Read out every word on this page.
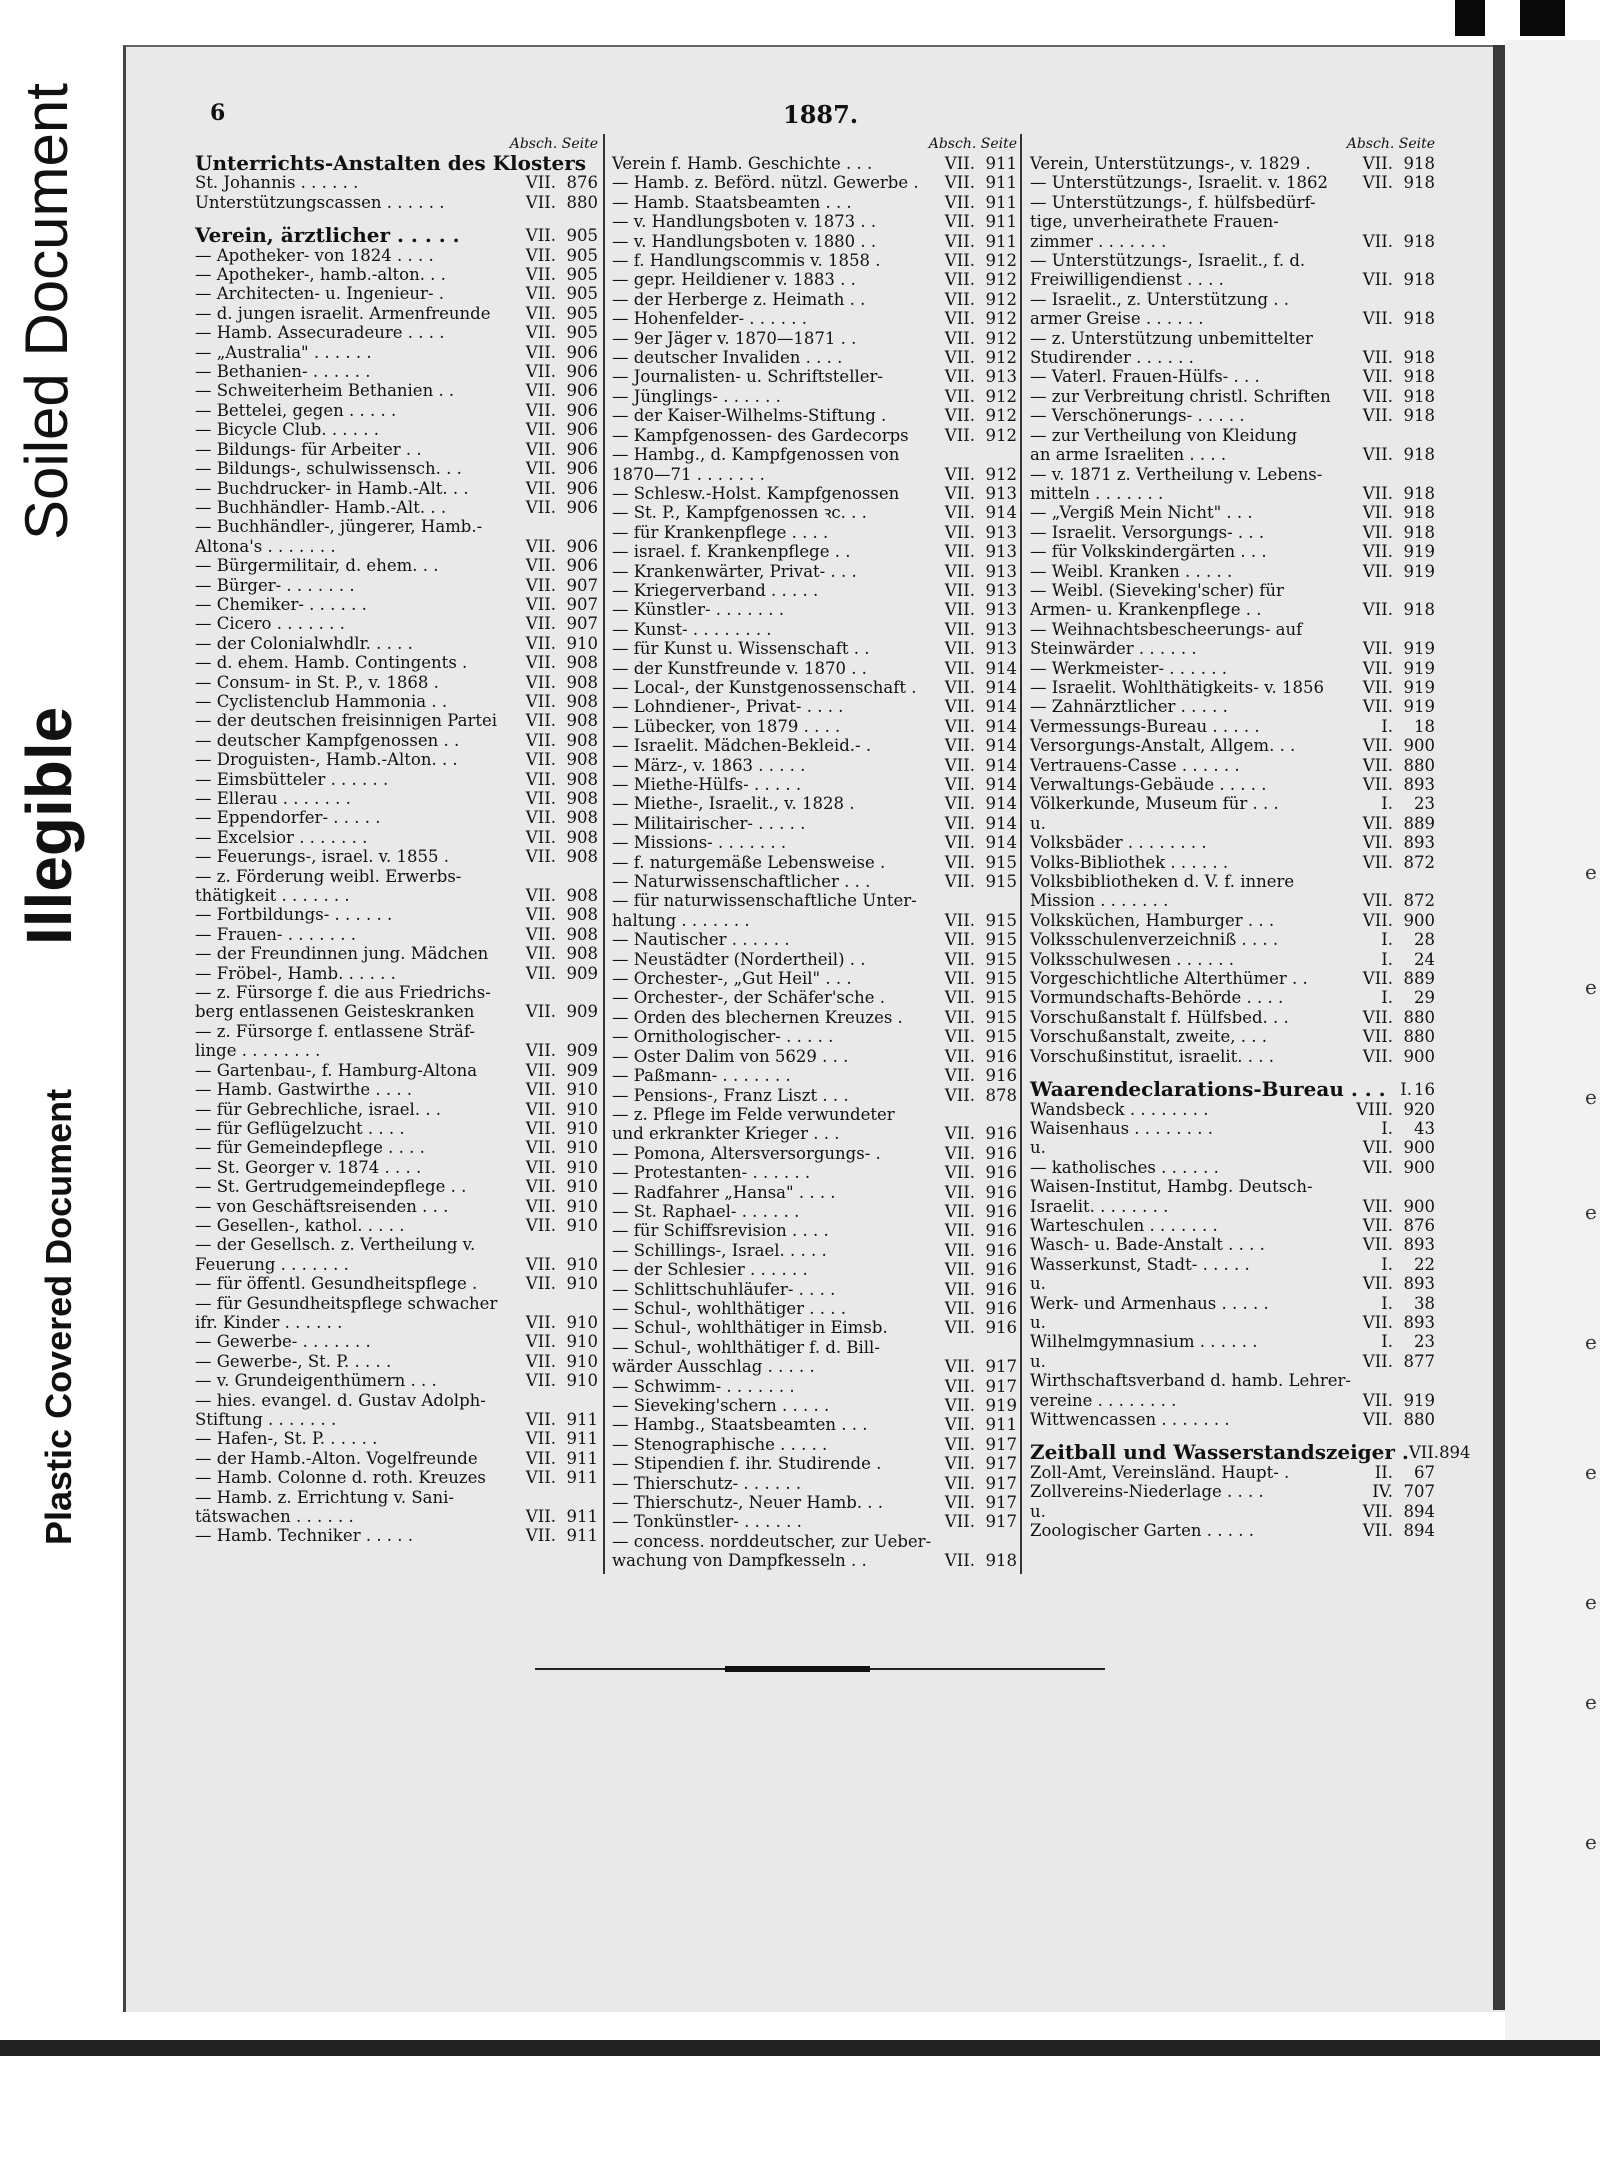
e
e
e
e
e
e
e
e
e
Soiled Document
Illegible
Plastic Covered Document
6	1887.
Absch. Seite
Unterrichts-Anstalten des Klosters
St. Johannis . . . . . .	VII. 876
Unterstützungscassen . . . . . .	VII. 880
Verein, ärztlicher . . . . .	VII. 905
— Apotheker- von 1824 . . . .	VII. 905
— Apotheker-, hamb.-alton. . .	VII. 905
— Architecten- u. Ingenieur- .	VII. 905
— d. jungen israelit. Armenfreunde	VII. 905
— Hamb. Assecuradeure . . . .	VII. 905
— „Australia" . . . . . .	VII. 906
— Bethanien- . . . . . .	VII. 906
— Schweiterheim Bethanien . .	VII. 906
— Bettelei, gegen . . . . .	VII. 906
— Bicycle Club. . . . . .	VII. 906
— Bildungs- für Arbeiter . .	VII. 906
— Bildungs-, schulwissensch. . .	VII. 906
— Buchdrucker- in Hamb.-Alt. . .	VII. 906
— Buchhändler- Hamb.-Alt. . .	VII. 906
— Buchhändler-, jüngerer, Hamb.-
Altona's . . . . . . .	VII. 906
— Bürgermilitair, d. ehem. . .	VII. 906
— Bürger- . . . . . . .	VII. 907
— Chemiker- . . . . . .	VII. 907
— Cicero . . . . . . .	VII. 907
— der Colonialwhdlr. . . . .	VII. 910
— d. ehem. Hamb. Contingents .	VII. 908
— Consum- in St. P., v. 1868 .	VII. 908
— Cyclistenclub Hammonia . .	VII. 908
— der deutschen freisinnigen Partei	VII. 908
— deutscher Kampfgenossen . .	VII. 908
— Droguisten-, Hamb.-Alton. . .	VII. 908
— Eimsbütteler . . . . . .	VII. 908
— Ellerau . . . . . . .	VII. 908
— Eppendorfer- . . . . .	VII. 908
— Excelsior . . . . . . .	VII. 908
— Feuerungs-, israel. v. 1855 .	VII. 908
— z. Förderung weibl. Erwerbs-
thätigkeit . . . . . . .	VII. 908
— Fortbildungs- . . . . . .	VII. 908
— Frauen- . . . . . . .	VII. 908
— der Freundinnen jung. Mädchen	VII. 908
— Fröbel-, Hamb. . . . . .	VII. 909
— z. Fürsorge f. die aus Friedrichs-
berg entlassenen Geisteskranken	VII. 909
— z. Fürsorge f. entlassene Sträf-
linge . . . . . . . .	VII. 909
— Gartenbau-, f. Hamburg-Altona	VII. 909
— Hamb. Gastwirthe . . . .	VII. 910
— für Gebrechliche, israel. . .	VII. 910
— für Geflügelzucht . . . .	VII. 910
— für Gemeindepflege . . . .	VII. 910
— St. Georger v. 1874 . . . .	VII. 910
— St. Gertrudgemeindepflege . .	VII. 910
— von Geschäftsreisenden . . .	VII. 910
— Gesellen-, kathol. . . . .	VII. 910
— der Gesellsch. z. Vertheilung v.
Feuerung . . . . . . .	VII. 910
— für öffentl. Gesundheitspflege .	VII. 910
— für Gesundheitspflege schwacher
ifr. Kinder . . . . . .	VII. 910
— Gewerbe- . . . . . . .	VII. 910
— Gewerbe-, St. P. . . . .	VII. 910
— v. Grundeigenthümern . . .	VII. 910
— hies. evangel. d. Gustav Adolph-
Stiftung . . . . . . .	VII. 911
— Hafen-, St. P. . . . . .	VII. 911
— der Hamb.-Alton. Vogelfreunde	VII. 911
— Hamb. Colonne d. roth. Kreuzes	VII. 911
— Hamb. z. Errichtung v. Sani-
tätswachen . . . . . .	VII. 911
— Hamb. Techniker . . . . .	VII. 911
Absch. Seite
Verein f. Hamb. Geschichte . . .	VII. 911
— Hamb. z. Beförd. nützl. Gewerbe .	VII. 911
— Hamb. Staatsbeamten . . .	VII. 911
— v. Handlungsboten v. 1873 . .	VII. 911
— v. Handlungsboten v. 1880 . .	VII. 911
— f. Handlungscommis v. 1858 .	VII. 912
— gepr. Heildiener v. 1883 . .	VII. 912
— der Herberge z. Heimath . .	VII. 912
— Hohenfelder- . . . . . .	VII. 912
— 9er Jäger v. 1870—1871 . .	VII. 912
— deutscher Invaliden . . . .	VII. 912
— Journalisten- u. Schriftsteller-	VII. 913
— Jünglings- . . . . . .	VII. 912
— der Kaiser-Wilhelms-Stiftung .	VII. 912
— Kampfgenossen- des Gardecorps	VII. 912
— Hambg., d. Kampfgenossen von
1870—71 . . . . . . .	VII. 912
— Schlesw.-Holst. Kampfgenossen	VII. 913
— St. P., Kampfgenossen ꝛc. . .	VII. 914
— für Krankenpflege . . . .	VII. 913
— israel. f. Krankenpflege . .	VII. 913
— Krankenwärter, Privat- . . .	VII. 913
— Kriegerverband . . . . .	VII. 913
— Künstler- . . . . . . .	VII. 913
— Kunst- . . . . . . . .	VII. 913
— für Kunst u. Wissenschaft . .	VII. 913
— der Kunstfreunde v. 1870 . .	VII. 914
— Local-, der Kunstgenossenschaft .	VII. 914
— Lohndiener-, Privat- . . . .	VII. 914
— Lübecker, von 1879 . . . .	VII. 914
— Israelit. Mädchen-Bekleid.- .	VII. 914
— März-, v. 1863 . . . . .	VII. 914
— Miethe-Hülfs- . . . . .	VII. 914
— Miethe-, Israelit., v. 1828 .	VII. 914
— Militairischer- . . . . .	VII. 914
— Missions- . . . . . . .	VII. 914
— f. naturgemäße Lebensweise .	VII. 915
— Naturwissenschaftlicher . . .	VII. 915
— für naturwissenschaftliche Unter-
haltung . . . . . . .	VII. 915
— Nautischer . . . . . .	VII. 915
— Neustädter (Nordertheil) . .	VII. 915
— Orchester-, „Gut Heil" . . .	VII. 915
— Orchester-, der Schäfer'sche .	VII. 915
— Orden des blechernen Kreuzes .	VII. 915
— Ornithologischer- . . . . .	VII. 915
— Oster Dalim von 5629 . . .	VII. 916
— Paßmann- . . . . . . .	VII. 916
— Pensions-, Franz Liszt . . .	VII. 878
— z. Pflege im Felde verwundeter
und erkrankter Krieger . . .	VII. 916
— Pomona, Altersversorgungs- .	VII. 916
— Protestanten- . . . . . .	VII. 916
— Radfahrer „Hansa" . . . .	VII. 916
— St. Raphael- . . . . . .	VII. 916
— für Schiffsrevision . . . .	VII. 916
— Schillings-, Israel. . . . .	VII. 916
— der Schlesier . . . . . .	VII. 916
— Schlittschuhläufer- . . . .	VII. 916
— Schul-, wohlthätiger . . . .	VII. 916
— Schul-, wohlthätiger in Eimsb.	VII. 916
— Schul-, wohlthätiger f. d. Bill-
wärder Ausschlag . . . . .	VII. 917
— Schwimm- . . . . . . .	VII. 917
— Sieveking'schern . . . . .	VII. 919
— Hambg., Staatsbeamten . . .	VII. 911
— Stenographische . . . . .	VII. 917
— Stipendien f. ihr. Studirende .	VII. 917
— Thierschutz- . . . . . .	VII. 917
— Thierschutz-, Neuer Hamb. . .	VII. 917
— Tonkünstler- . . . . . .	VII. 917
— concess. norddeutscher, zur Ueber-
wachung von Dampfkesseln . .	VII. 918
Absch. Seite
Verein, Unterstützungs-, v. 1829 .	VII. 918
— Unterstützungs-, Israelit. v. 1862	VII. 918
— Unterstützungs-, f. hülfsbedürf-
tige, unverheirathete Frauen-
zimmer . . . . . . .	VII. 918
— Unterstützungs-, Israelit., f. d.
Freiwilligendienst . . . .	VII. 918
— Israelit., z. Unterstützung . .
armer Greise . . . . . .	VII. 918
— z. Unterstützung unbemittelter
Studirender . . . . . .	VII. 918
— Vaterl. Frauen-Hülfs- . . .	VII. 918
— zur Verbreitung christl. Schriften	VII. 918
— Verschönerungs- . . . . .	VII. 918
— zur Vertheilung von Kleidung
an arme Israeliten . . . .	VII. 918
— v. 1871 z. Vertheilung v. Lebens-
mitteln . . . . . . .	VII. 918
— „Vergiß Mein Nicht" . . .	VII. 918
— Israelit. Versorgungs- . . .	VII. 918
— für Volkskindergärten . . .	VII. 919
— Weibl. Kranken . . . . .	VII. 919
— Weibl. (Sieveking'scher) für
Armen- u. Krankenpflege . .	VII. 918
— Weihnachtsbescheerungs- auf
Steinwärder . . . . . .	VII. 919
— Werkmeister- . . . . . .	VII. 919
— Israelit. Wohlthätigkeits- v. 1856	VII. 919
— Zahnärztlicher . . . . .	VII. 919
Vermessungs-Bureau . . . . .	I.	18
Versorgungs-Anstalt, Allgem. . .	VII. 900
Vertrauens-Casse . . . . . .	VII. 880
Verwaltungs-Gebäude . . . . .	VII. 893
Völkerkunde, Museum für . . .	I.	23
u.	VII. 889
Volksbäder . . . . . . . .	VII. 893
Volks-Bibliothek . . . . . .	VII. 872
Volksbibliotheken d. V. f. innere
Mission . . . . . . .	VII. 872
Volksküchen, Hamburger . . .	VII. 900
Volksschulenverzeichniß . . . .	I.	28
Volksschulwesen . . . . . .	I.	24
Vorgeschichtliche Alterthümer . .	VII. 889
Vormundschafts-Behörde . . . .	I.	29
Vorschußanstalt f. Hülfsbed. . .	VII. 880
Vorschußanstalt, zweite, . . .	VII. 880
Vorschußinstitut, israelit. . . .	VII. 900
Waarendeclarations-Bureau . . . I. 16
Wandsbeck . . . . . . . .	VIII. 920
Waisenhaus . . . . . . . .	I.	43
u.	VII. 900
— katholisches . . . . . .	VII. 900
Waisen-Institut, Hambg. Deutsch-
Israelit. . . . . . . .	VII. 900
Warteschulen . . . . . . .	VII. 876
Wasch- u. Bade-Anstalt . . . .	VII. 893
Wasserkunst, Stadt- . . . . .	I.	22
u.	VII. 893
Werk- und Armenhaus . . . . .	I.	38
u.	VII. 893
Wilhelmgymnasium . . . . . .	I.	23
u.	VII. 877
Wirthschaftsverband d. hamb. Lehrer-
vereine . . . . . . . .	VII. 919
Wittwencassen . . . . . . .	VII. 880
Zeitball und Wasserstandszeiger . VII. 894
Zoll-Amt, Vereinsländ. Haupt- .	II.	67
Zollvereins-Niederlage . . . .	IV. 707
u.	VII. 894
Zoologischer Garten . . . . .	VII. 894
